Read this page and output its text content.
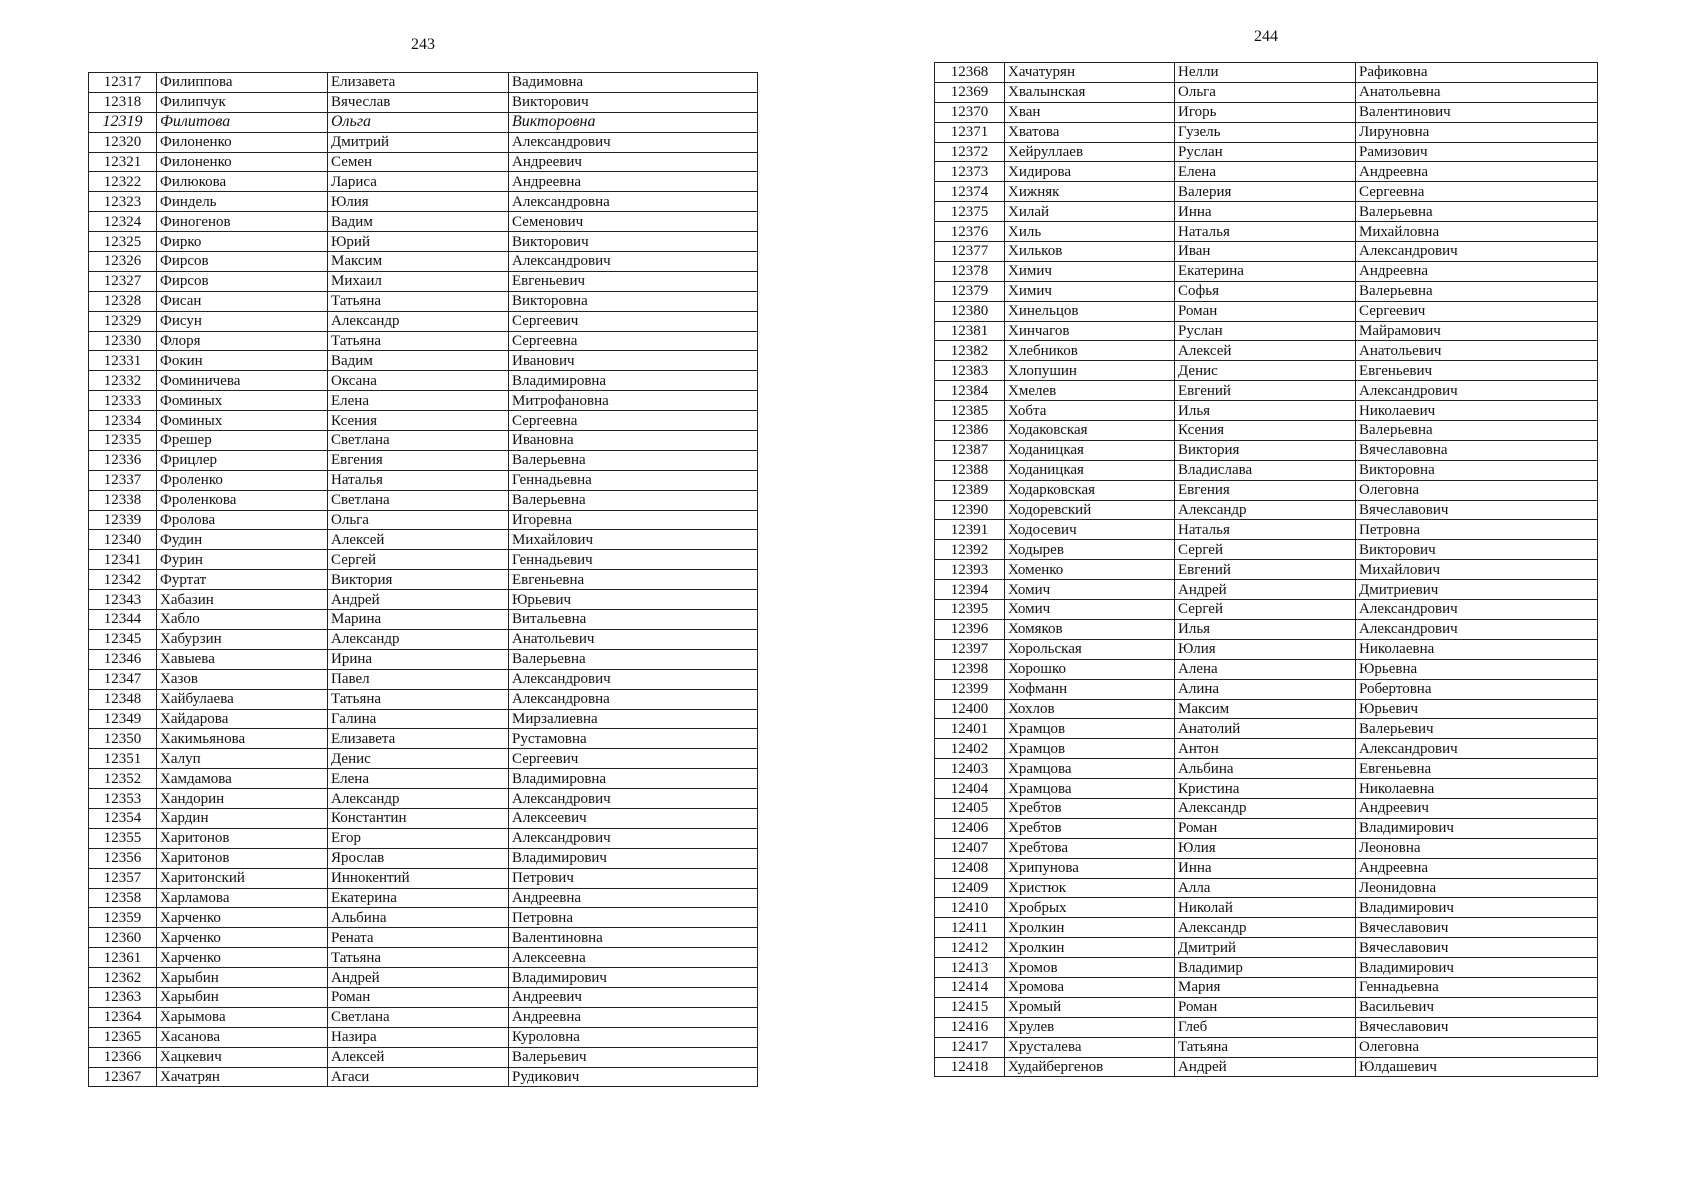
243
12317	Филиппова	Елизавета	Вадимовна
12318	Филипчук	Вячеслав	Викторович
12319	Филитова	Ольга	Викторовна
12320	Филоненко	Дмитрий	Александрович
12321	Филоненко	Семен	Андреевич
12322	Филюкова	Лариса	Андреевна
12323	Финдель	Юлия	Александровна
12324	Финогенов	Вадим	Семенович
12325	Фирко	Юрий	Викторович
12326	Фирсов	Максим	Александрович
12327	Фирсов	Михаил	Евгеньевич
12328	Фисан	Татьяна	Викторовна
12329	Фисун	Александр	Сергеевич
12330	Флоря	Татьяна	Сергеевна
12331	Фокин	Вадим	Иванович
12332	Фоминичева	Оксана	Владимировна
12333	Фоминых	Елена	Митрофановна
12334	Фоминых	Ксения	Сергеевна
12335	Фрешер	Светлана	Ивановна
12336	Фрицлер	Евгения	Валерьевна
12337	Фроленко	Наталья	Геннадьевна
12338	Фроленкова	Светлана	Валерьевна
12339	Фролова	Ольга	Игоревна
12340	Фудин	Алексей	Михайлович
12341	Фурин	Сергей	Геннадьевич
12342	Фуртат	Виктория	Евгеньевна
12343	Хабазин	Андрей	Юрьевич
12344	Хабло	Марина	Витальевна
12345	Хабурзин	Александр	Анатольевич
12346	Хавыева	Ирина	Валерьевна
12347	Хазов	Павел	Александрович
12348	Хайбулаева	Татьяна	Александровна
12349	Хайдарова	Галина	Мирзалиевна
12350	Хакимьянова	Елизавета	Рустамовна
12351	Халуп	Денис	Сергеевич
12352	Хамдамова	Елена	Владимировна
12353	Хандорин	Александр	Александрович
12354	Хардин	Константин	Алексеевич
12355	Харитонов	Егор	Александрович
12356	Харитонов	Ярослав	Владимирович
12357	Харитонский	Иннокентий	Петрович
12358	Харламова	Екатерина	Андреевна
12359	Харченко	Альбина	Петровна
12360	Харченко	Рената	Валентиновна
12361	Харченко	Татьяна	Алексеевна
12362	Харыбин	Андрей	Владимирович
12363	Харыбин	Роман	Андреевич
12364	Харымова	Светлана	Андреевна
12365	Хасанова	Назира	Куроловна
12366	Хацкевич	Алексей	Валерьевич
12367	Хачатрян	Агаси	Рудикович
244
12368	Хачатурян	Нелли	Рафиковна
12369	Хвалынская	Ольга	Анатольевна
12370	Хван	Игорь	Валентинович
12371	Хватова	Гузель	Лируновна
12372	Хейруллаев	Руслан	Рамизович
12373	Хидирова	Елена	Андреевна
12374	Хижняк	Валерия	Сергеевна
12375	Хилай	Инна	Валерьевна
12376	Хиль	Наталья	Михайловна
12377	Хильков	Иван	Александрович
12378	Химич	Екатерина	Андреевна
12379	Химич	Софья	Валерьевна
12380	Хинельцов	Роман	Сергеевич
12381	Хинчагов	Руслан	Майрамович
12382	Хлебников	Алексей	Анатольевич
12383	Хлопушин	Денис	Евгеньевич
12384	Хмелев	Евгений	Александрович
12385	Хобта	Илья	Николаевич
12386	Ходаковская	Ксения	Валерьевна
12387	Ходаницкая	Виктория	Вячеславовна
12388	Ходаницкая	Владислава	Викторовна
12389	Ходарковская	Евгения	Олеговна
12390	Ходоревский	Александр	Вячеславович
12391	Ходосевич	Наталья	Петровна
12392	Ходырев	Сергей	Викторович
12393	Хоменко	Евгений	Михайлович
12394	Хомич	Андрей	Дмитриевич
12395	Хомич	Сергей	Александрович
12396	Хомяков	Илья	Александрович
12397	Хорольская	Юлия	Николаевна
12398	Хорошко	Алена	Юрьевна
12399	Хофманн	Алина	Робертовна
12400	Хохлов	Максим	Юрьевич
12401	Храмцов	Анатолий	Валерьевич
12402	Храмцов	Антон	Александрович
12403	Храмцова	Альбина	Евгеньевна
12404	Храмцова	Кристина	Николаевна
12405	Хребтов	Александр	Андреевич
12406	Хребтов	Роман	Владимирович
12407	Хребтова	Юлия	Леоновна
12408	Хрипунова	Инна	Андреевна
12409	Христюк	Алла	Леонидовна
12410	Хробрых	Николай	Владимирович
12411	Хролкин	Александр	Вячеславович
12412	Хролкин	Дмитрий	Вячеславович
12413	Хромов	Владимир	Владимирович
12414	Хромова	Мария	Геннадьевна
12415	Хромый	Роман	Васильевич
12416	Хрулев	Глеб	Вячеславович
12417	Хрусталева	Татьяна	Олеговна
12418	Худайбергенов	Андрей	Юлдашевич
